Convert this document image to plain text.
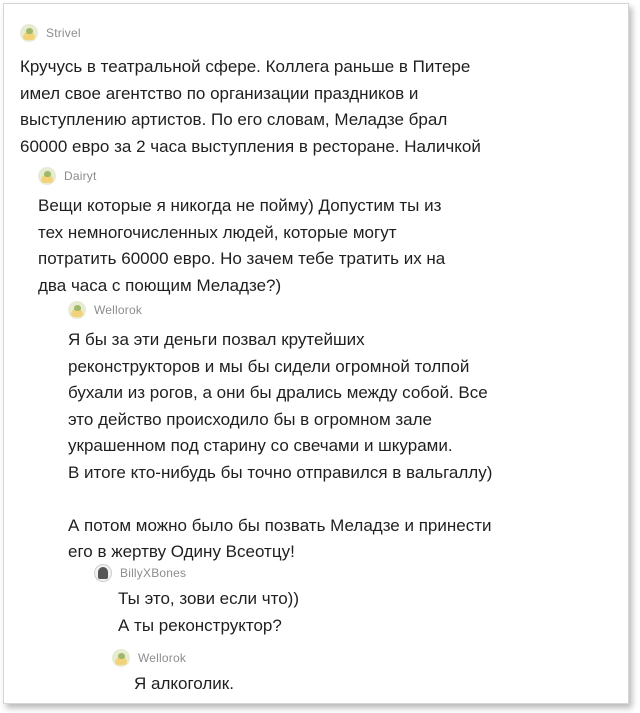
Strivel

Кручусь в театральной сфере. Коллега раньше в Питере
имел свое агентство по организации праздников и
выступлению артистов. По его словам, Меладзе брал
60000 евро за 2 часа выступления в ресторане. Наличкой

Dairyt

Вещи которые я никогда не пойму) Допустим ты из
тех немногочисленных людей, которые могут
потратить 60000 евро. Но зачем тебе тратить их на
два часа с поющим Меладзе?)

Wellorok

Я бы за эти деньги позвал крутейших
реконструкторов и мы бы сидели огромной толпой
бухали из рогов, а они бы дрались между собой. Все
это действо происходило бы в огромном зале
украшенном под старину со свечами и шкурами.
В итоге кто-нибудь бы точно отправился в вальгаллу)

А потом можно было бы позвать Меладзе и принести
его в жертву Одину Всеотцу!

BillyXBones

Ты это, зови если что))
А ты реконструктор?

Wellorok

Я алкоголик.
